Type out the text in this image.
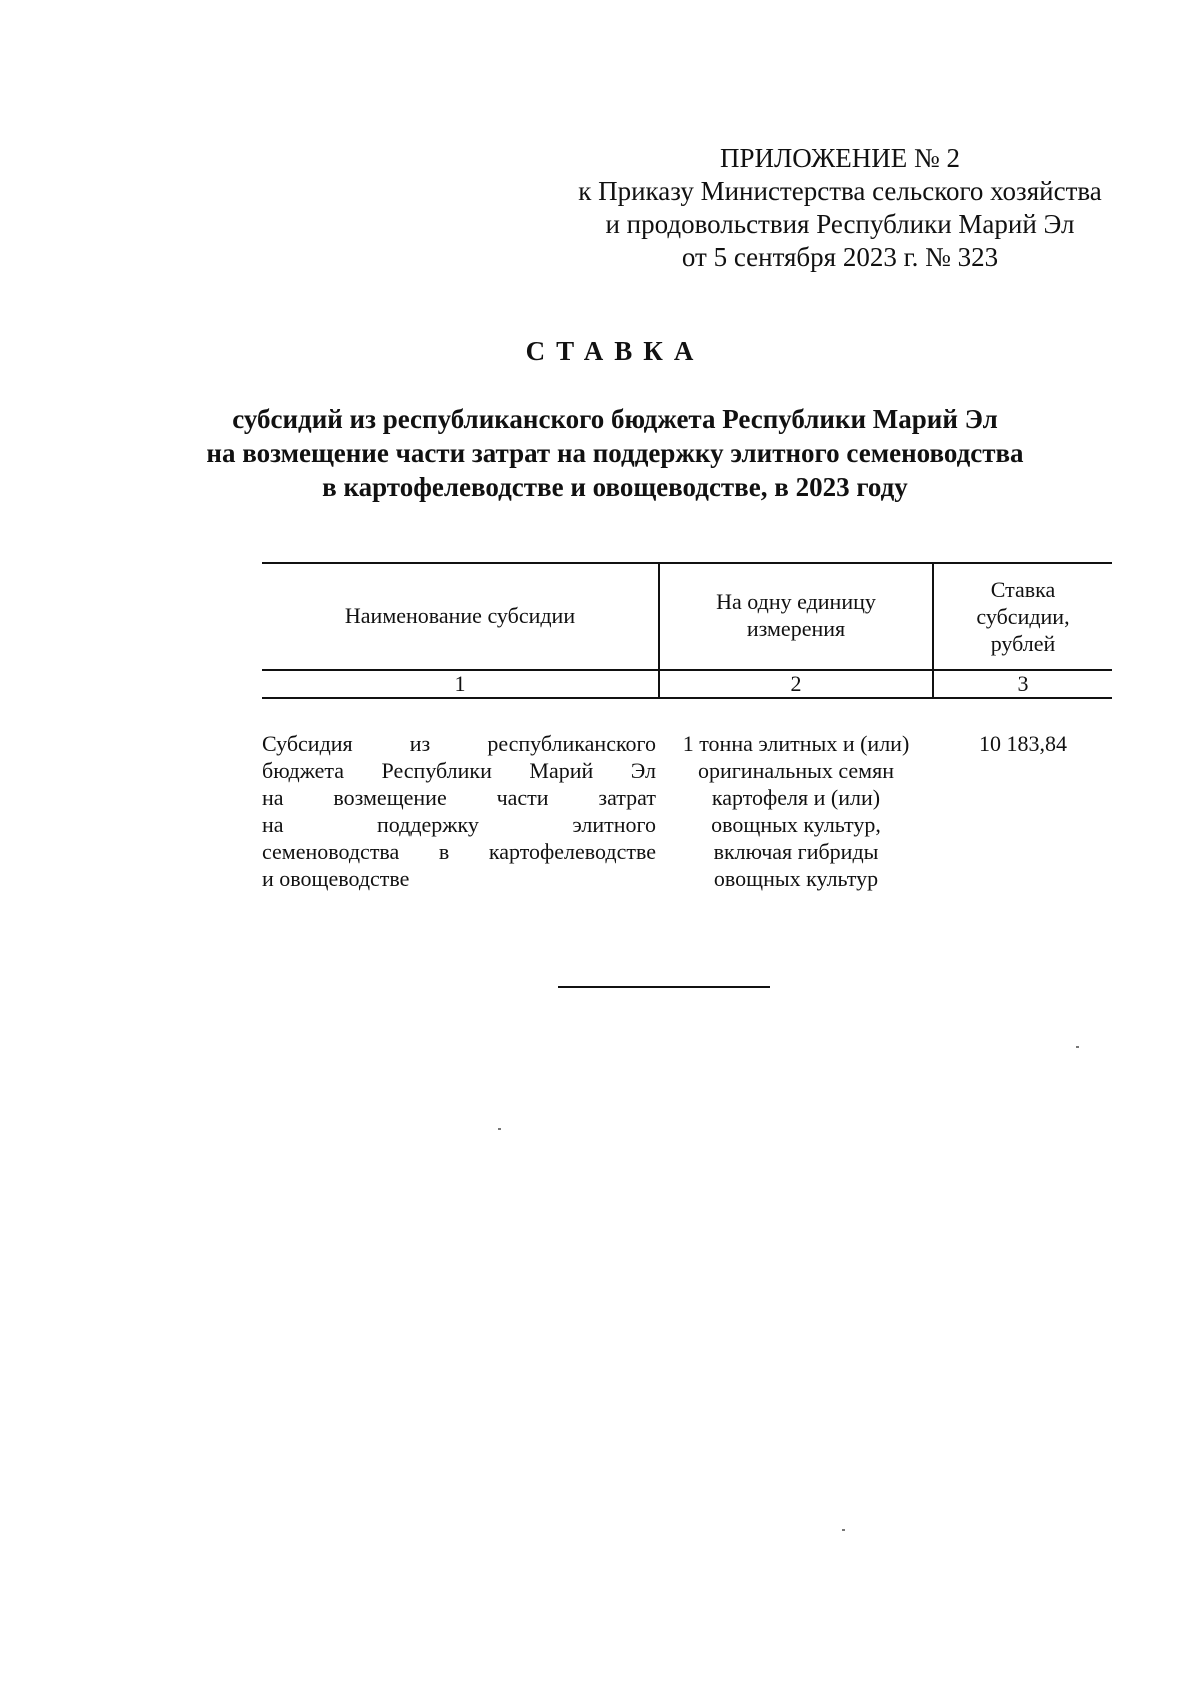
ПРИЛОЖЕНИЕ № 2
к Приказу Министерства сельского хозяйства
и продовольствия Республики Марий Эл
от 5 сентября 2023 г. № 323
СТАВКА
субсидий из республиканского бюджета Республики Марий Эл
на возмещение части затрат на поддержку элитного семеноводства
в картофелеводстве и овощеводстве, в 2023 году
Наименование субсидии
На одну единицу
измерения
Ставка
субсидии,
рублей
1	2	3
Субсидия из республиканского
бюджета Республики Марий Эл
на возмещение части затрат
на поддержку элитного
семеноводства в картофелеводстве
и овощеводстве
1 тонна элитных и (или)
оригинальных семян
картофеля и (или)
овощных культур,
включая гибриды
овощных культур
10 183,84
